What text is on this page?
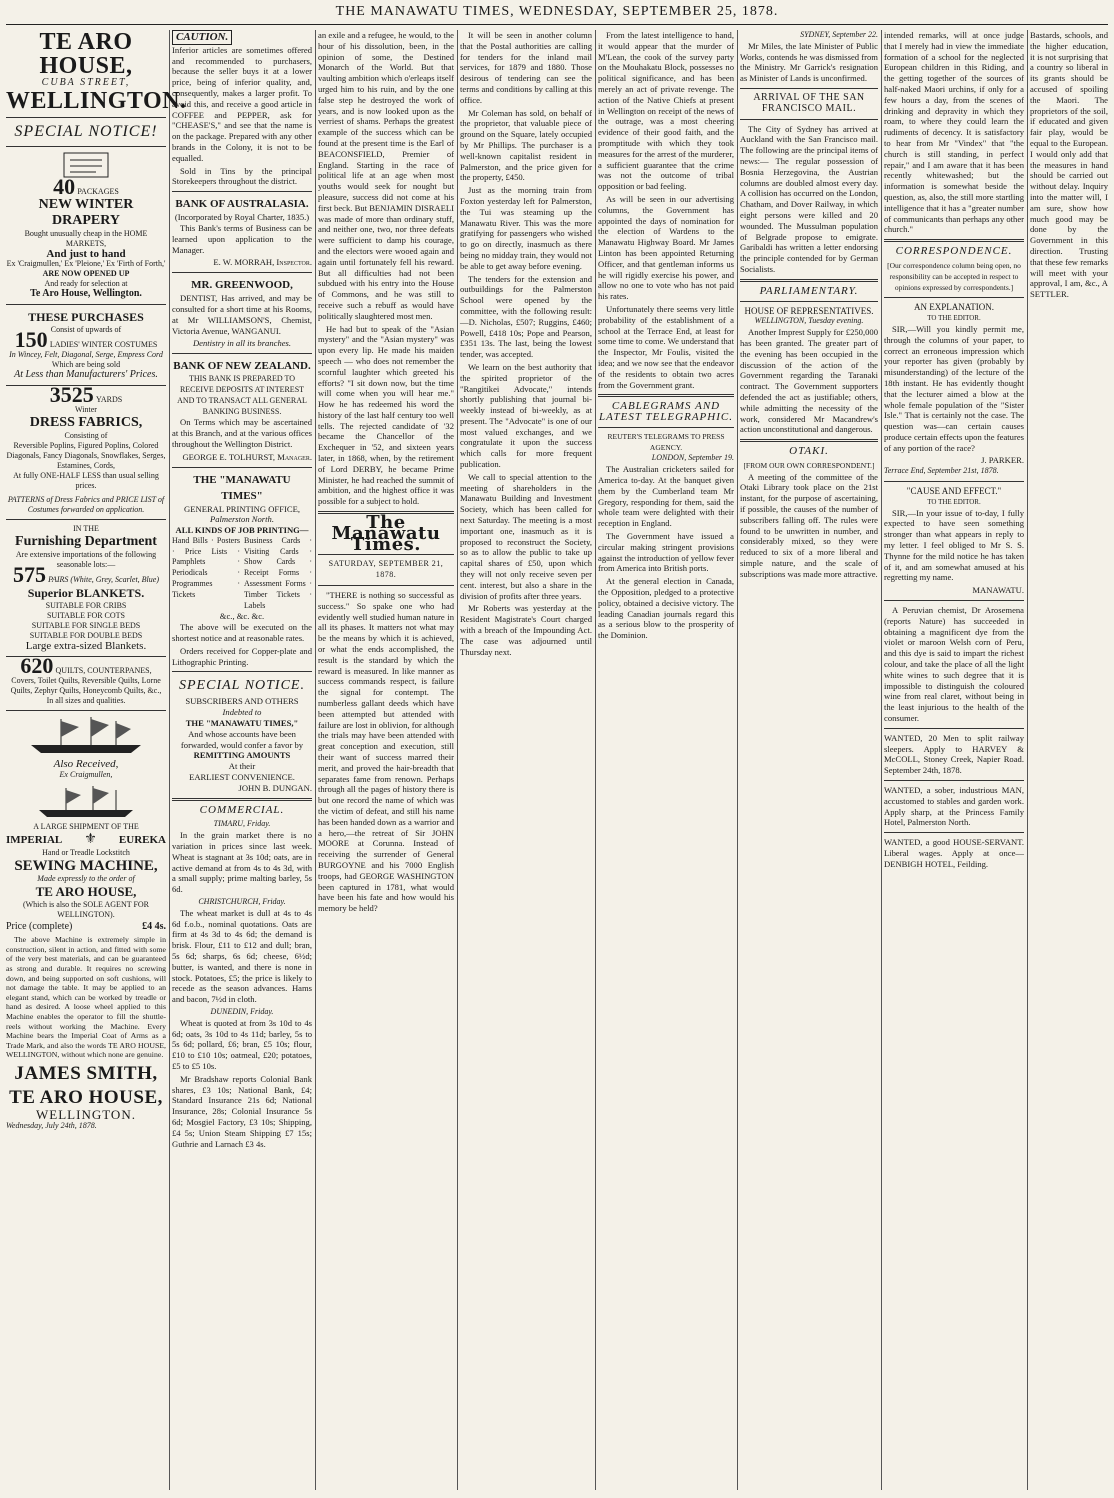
THE MANAWATU TIMES, WEDNESDAY, SEPTEMBER 25, 1878.
TE ARO HOUSE,
CUBA STREET,
WELLINGTON.
SPECIAL NOTICE!
40 PACKAGES
NEW WINTER DRAPERY
Bought unusually cheap in the HOME MARKETS,
And just to hand
Ex 'Craigmullen,' Ex 'Pleione,' Ex 'Firth of Forth,'
ARE NOW OPENED UP
And ready for selection at
Te Aro House, Wellington.
THESE PURCHASES
Consist of upwards of
150 LADIES' WINTER COSTUMES
In Wincey, Felt, Diagonal, Serge, Empress Cord
Which are being sold
At Less than Manufacturers' Prices.
3525 YARDS
Winter
DRESS FABRICS,
Consisting of
Reversible Poplins, Figured Poplins, Colored Diagonals, Fancy Diagonals, Snowflakes, Serges, Estamines, Cords,
At fully ONE-HALF LESS than usual selling prices.
PATTERNS of Dress Fabrics and PRICE LIST of Costumes forwarded on application.
IN THE
Furnishing Department
Are extensive importations of the following seasonable lots:—
575 PAIRS (White, Grey, Scarlet, Blue)
Superior BLANKETS.
SUITABLE FOR CRIBS
SUITABLE FOR COTS
SUITABLE FOR SINGLE BEDS
SUITABLE FOR DOUBLE BEDS
Large extra-sized Blankets.
620 QUILTS, COUNTERPANES,
Covers, Toilet Quilts, Reversible Quilts, Lorne Quilts, Zephyr Quilts, Honeycomb Quilts, &c.,
In all sizes and qualities.
Also Received,
Ex Craigmullen,
A LARGE SHIPMENT OF THE
IMPERIAL ⚜ EUREKA
Hand or Treadle Lockstitch
SEWING MACHINE,
Made expressly to the order of
TE ARO HOUSE,
(Which is also the SOLE AGENT FOR WELLINGTON).
Price (complete)	£4 4s.

The above Machine is extremely simple in construction, silent in action, and fitted with some of the very best materials, and can be guaranteed as strong and durable. It requires no screwing down, and being supported on soft cushions, will not damage the table. It may be applied to an elegant stand, which can be worked by treadle or hand as desired. A loose wheel applied to this Machine enables the operator to fill the shuttle-reels without working the Machine. Every Machine bears the Imperial Coat of Arms as a Trade Mark, and also the words TE ARO HOUSE, WELLINGTON, without which none are genuine.

JAMES SMITH,
TE ARO HOUSE,
WELLINGTON.
Wednesday, July 24th, 1878.
CAUTION.

Inferior articles are sometimes offered and recommended to purchasers, because the seller buys it at a lower price, being of inferior quality, and, consequently, makes a larger profit. To avoid this, and receive a good article in COFFEE and PEPPER, ask for "CHEASE'S," and see that the name is on the package. Prepared with any other brands in the Colony, it is not to be equalled.

Sold in Tins by the principal Storekeepers throughout the district.

BANK OF AUSTRALASIA.
(Incorporated by Royal Charter, 1835.)

This Bank's terms of Business can be learned upon application to the Manager.

E. W. MORRAH, Inspector.
MR. GREENWOOD,

DENTIST, Has arrived, and may be consulted for a short time at his Rooms, at Mr WILLIAMSON'S, Chemist, Victoria Avenue, WANGANUI.

Dentistry in all its branches.
BANK OF NEW ZEALAND.
THIS BANK IS PREPARED TO RECEIVE DEPOSITS AT INTEREST AND TO TRANSACT ALL GENERAL BANKING BUSINESS.

On Terms which may be ascertained at this Branch, and at the various offices throughout the Wellington District.

GEORGE E. TOLHURST, Manager.
THE "MANAWATU TIMES"
GENERAL PRINTING OFFICE,
Palmerston North.
ALL KINDS OF JOB PRINTING—
Hand Bills · Posters · Price Lists · Pamphlets · Periodicals · Programmes · Tickets
Business Cards · Visiting Cards · Show Cards · Receipt Forms · Assessment Forms · Timber Tickets · Labels
&c., &c. &c.

The above will be executed on the shortest notice and at reasonable rates.

Orders received for Copper-plate and Lithographic Printing.

SPECIAL NOTICE.
SUBSCRIBERS AND OTHERS
Indebted to
THE "MANAWATU TIMES,"
And whose accounts have been forwarded, would confer a favor by
REMITTING AMOUNTS
At their
EARLIEST CONVENIENCE.
JOHN B. DUNGAN.
COMMERCIAL.
TIMARU, Friday.

In the grain market there is no variation in prices since last week. Wheat is stagnant at 3s 10d; oats, are in active demand at from 4s to 4s 3d, with a small supply; prime malting barley, 5s 6d.

CHRISTCHURCH, Friday.

The wheat market is dull at 4s to 4s 6d f.o.b., nominal quotations. Oats are firm at 4s 3d to 4s 6d; the demand is brisk. Flour, £11 to £12 and dull; bran, 5s 6d; sharps, 6s 6d; cheese, 6½d; butter, is wanted, and there is none in stock. Potatoes, £5; the price is likely to recede as the season advances. Hams and bacon, 7½d in cloth.

DUNEDIN, Friday.

Wheat is quoted at from 3s 10d to 4s 6d; oats, 3s 10d to 4s 11d; barley, 5s to 5s 6d; pollard, £6; bran, £5 10s; flour, £10 to £10 10s; oatmeal, £20; potatoes, £5 to £5 10s.

Mr Bradshaw reports Colonial Bank shares, £3 10s; National Bank, £4; Standard Insurance 21s 6d; National Insurance, 28s; Colonial Insurance 5s 6d; Mosgiel Factory, £3 10s; Shipping, £4 5s; Union Steam Shipping £7 15s; Guthrie and Larnach £3 4s.

an exile and a refugee, he would, to the hour of his dissolution, been, in the opinion of some, the Destined Monarch of the World. But that vaulting ambition which o'erleaps itself urged him to his ruin, and by the one false step he destroyed the work of years, and is now looked upon as the verriest of shams. Perhaps the greatest example of the success which can be found at the present time is the Earl of BEACONSFIELD, Premier of England. Starting in the race of political life at an age when most youths would seek for nought but pleasure, success did not come at his first beck. But BENJAMIN DISRAELI was made of more than ordinary stuff, and neither one, two, nor three defeats were sufficient to damp his courage, and the electors were wooed again and again until fortunately fell his reward. But all difficulties had not been subdued with his entry into the House of Commons, and he was still to receive such a rebuff as would have politically slaughtered most men.

He had but to speak of the "Asian mystery" and the "Asian mystery" was upon every lip. He made his maiden speech — who does not remember the scornful laughter which greeted his efforts? "I sit down now, but the time will come when you will hear me." How he has redeemed his word the history of the last half century too well tells. The rejected candidate of '32 became the Chancellor of the Exchequer in '52, and sixteen years later, in 1868, when, by the retirement of Lord DERBY, he became Prime Minister, he had reached the summit of ambition, and the highest office it was possible for a subject to hold.

The Manawatu Times.
SATURDAY, SEPTEMBER 21, 1878.

"THERE is nothing so successful as success." So spake one who had evidently well studied human nature in all its phases. It matters not what may be the means by which it is achieved, or what the ends accomplished, the result is the standard by which the reward is measured. In like manner as success commands respect, is failure the signal for contempt. The numberless gallant deeds which have been attempted but attended with failure are lost in oblivion, for although the trials may have been attended with great conception and execution, still their want of success marred their merit, and proved the hair-breadth that separates fame from renown. Perhaps through all the pages of history there is but one record the name of which was the victim of defeat, and still his name has been handed down as a warrior and a hero,—the retreat of Sir JOHN MOORE at Corunna. Instead of receiving the surrender of General BURGOYNE and his 7000 English troops, had GEORGE WASHINGTON been captured in 1781, what would have been his fate and how would his memory be held?

It will be seen in another column that the Postal authorities are calling for tenders for the inland mail services, for 1879 and 1880. Those desirous of tendering can see the terms and conditions by calling at this office.

Mr Coleman has sold, on behalf of the proprietor, that valuable piece of ground on the Square, lately occupied by Mr Phillips. The purchaser is a well-known capitalist resident in Palmerston, and the price given for the property, £450.

Just as the morning train from Foxton yesterday left for Palmerston, the Tui was steaming up the Manawatu River. This was the more gratifying for passengers who wished to go on directly, inasmuch as there being no midday train, they would not be able to get away before evening.

The tenders for the extension and outbuildings for the Palmerston School were opened by the committee, with the following result:—D. Nicholas, £507; Ruggins, £460; Powell, £418 10s; Pope and Pearson, £351 13s. The last, being the lowest tender, was accepted.

We learn on the best authority that the spirited proprietor of the "Rangitikei Advocate," intends shortly publishing that journal bi-weekly instead of bi-weekly, as at present. The "Advocate" is one of our most valued exchanges, and we congratulate it upon the success which calls for more frequent publication.

We call to special attention to the meeting of shareholders in the Manawatu Building and Investment Society, which has been called for next Saturday. The meeting is a most important one, inasmuch as it is proposed to reconstruct the Society, so as to allow the public to take up capital shares of £50, upon which they will not only receive seven per cent. interest, but also a share in the division of profits after three years.

Mr Roberts was yesterday at the Resident Magistrate's Court charged with a breach of the Impounding Act. The case was adjourned until Thursday next.

From the latest intelligence to hand, it would appear that the murder of M'Lean, the cook of the survey party on the Mouhakatu Block, possesses no political significance, and has been merely an act of private revenge. The action of the Native Chiefs at present in Wellington on receipt of the news of the outrage, was a most cheering evidence of their good faith, and the promptitude with which they took measures for the arrest of the murderer, a sufficient guarantee that the crime was not the outcome of tribal opposition or bad feeling.

As will be seen in our advertising columns, the Government has appointed the days of nomination for the election of Wardens to the Manawatu Highway Board. Mr James Linton has been appointed Returning Officer, and that gentleman informs us he will rigidly exercise his power, and allow no one to vote who has not paid his rates.

Unfortunately there seems very little probability of the establishment of a school at the Terrace End, at least for some time to come. We understand that the Inspector, Mr Foulis, visited the idea; and we now see that the endeavor of the residents to obtain two acres from the Government grant.

CABLEGRAMS AND LATEST TELEGRAPHIC.
REUTER'S TELEGRAMS TO PRESS AGENCY.
LONDON, September 19.

The Australian cricketers sailed for America to-day. At the banquet given them by the Cumberland team Mr Gregory, responding for them, said the whole team were delighted with their reception in England.

The Government have issued a circular making stringent provisions against the introduction of yellow fever from America into British ports.

At the general election in Canada, the Opposition, pledged to a protective policy, obtained a decisive victory. The leading Canadian journals regard this as a serious blow to the prosperity of the Dominion.

SYDNEY, September 22.

Mr Miles, the late Minister of Public Works, contends he was dismissed from the Ministry. Mr Garrick's resignation as Minister of Lands is unconfirmed.

ARRIVAL OF THE SAN FRANCISCO MAIL.

The City of Sydney has arrived at Auckland with the San Francisco mail. The following are the principal items of news:— The regular possession of Bosnia Herzegovina, the Austrian columns are doubled almost every day. A collision has occurred on the London, Chatham, and Dover Railway, in which eight persons were killed and 20 wounded. The Mussulman population of Belgrade propose to emigrate. Garibaldi has written a letter endorsing the principle contended for by German Socialists.

PARLIAMENTARY.
HOUSE OF REPRESENTATIVES.
WELLINGTON, Tuesday evening.

Another Imprest Supply for £250,000 has been granted. The greater part of the evening has been occupied in the discussion of the action of the Government regarding the Taranaki contract. The Government supporters defended the act as justifiable; others, while admitting the necessity of the work, considered Mr Macandrew's action unconstitutional and dangerous.

OTAKI.
[FROM OUR OWN CORRESPONDENT.]

A meeting of the committee of the Otaki Library took place on the 21st instant, for the purpose of ascertaining, if possible, the causes of the number of subscribers falling off. The rules were found to be unwritten in number, and considerably mixed, so they were reduced to six of a more liberal and simple nature, and the scale of subscriptions was made more attractive.

intended remarks, will at once judge that I merely had in view the immediate formation of a school for the neglected European children in this Riding, and the getting together of the sources of half-naked Maori urchins, if only for a few hours a day, from the scenes of drinking and depravity in which they roam, to where they could learn the rudiments of decency. It is satisfactory to hear from Mr "Vindex" that "the church is still standing, in perfect repair," and I am aware that it has been recently whitewashed; but the information is somewhat beside the question, as, also, the still more startling intelligence that it has a "greater number of communicants than perhaps any other church."

CORRESPONDENCE.
[Our correspondence column being open, no responsibility can be accepted in respect to opinions expressed by correspondents.]
AN EXPLANATION.
TO THE EDITOR.

SIR,—Will you kindly permit me, through the columns of your paper, to correct an erroneous impression which your reporter has given (probably by misunderstanding) of the lecture of the 18th instant. He has evidently thought that the lecturer aimed a blow at the whole female population of the "Sister Isle." That is certainly not the case. The question was—can certain causes produce certain effects upon the features of any portion of the race?

J. PARKER.
Terrace End, September 21st, 1878.
"CAUSE AND EFFECT."
TO THE EDITOR.

SIR,—In your issue of to-day, I fully expected to have seen something stronger than what appears in reply to my letter. I feel obliged to Mr S. S. Thynne for the mild notice he has taken of it, and am somewhat amused at his regretting my name.

MANAWATU.

A Peruvian chemist, Dr Arosemena (reports Nature) has succeeded in obtaining a magnificent dye from the violet or maroon Welsh corn of Peru, and this dye is said to impart the richest colour, and take the place of all the light white wines to such degree that it is impossible to distinguish the coloured wine from real claret, without being in the least injurious to the health of the consumer.

WANTED, 20 Men to split railway sleepers. Apply to HARVEY & McCOLL, Stoney Creek, Napier Road. September 24th, 1878.

WANTED, a sober, industrious MAN, accustomed to stables and garden work. Apply sharp, at the Princess Family Hotel, Palmerston North.

WANTED, a good HOUSE-SERVANT. Liberal wages. Apply at once—DENBIGH HOTEL, Feilding.

Bastards, schools, and the higher education, it is not surprising that a country so liberal in its grants should be accused of spoiling the Maori. The proprietors of the soil, if educated and given fair play, would be equal to the European. I would only add that the measures in hand should be carried out without delay. Inquiry into the matter will, I am sure, show how much good may be done by the Government in this direction. Trusting that these few remarks will meet with your approval, I am, &c., A SETTLER.
